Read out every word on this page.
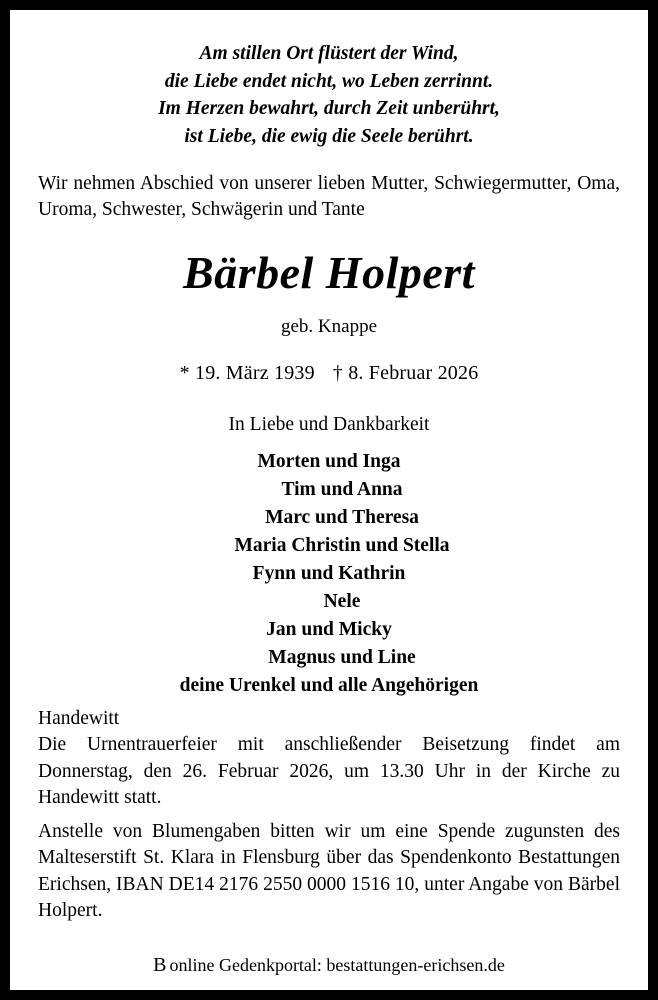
Am stillen Ort flüstert der Wind,
die Liebe endet nicht, wo Leben zerrinnt.
Im Herzen bewahrt, durch Zeit unberührt,
ist Liebe, die ewig die Seele berührt.
Wir nehmen Abschied von unserer lieben Mutter, Schwiegermutter, Oma, Uroma, Schwester, Schwägerin und Tante
Bärbel Holpert
geb. Knappe
* 19. März 1939 † 8. Februar 2026
In Liebe und Dankbarkeit
Morten und Inga
Tim und Anna
Marc und Theresa
Maria Christin und Stella
Fynn und Kathrin
Nele
Jan und Micky
Magnus und Line
deine Urenkel und alle Angehörigen
Handewitt
Die Urnentrauerfeier mit anschließender Beisetzung findet am Donnerstag, den 26. Februar 2026, um 13.30 Uhr in der Kirche zu Handewitt statt.
Anstelle von Blumengaben bitten wir um eine Spende zugunsten des Malteserstift St. Klara in Flensburg über das Spendenkonto Bestattungen Erichsen, IBAN DE14 2176 2550 0000 1516 10, unter Angabe von Bärbel Holpert.
B online Gedenkportal: bestattungen-erichsen.de
